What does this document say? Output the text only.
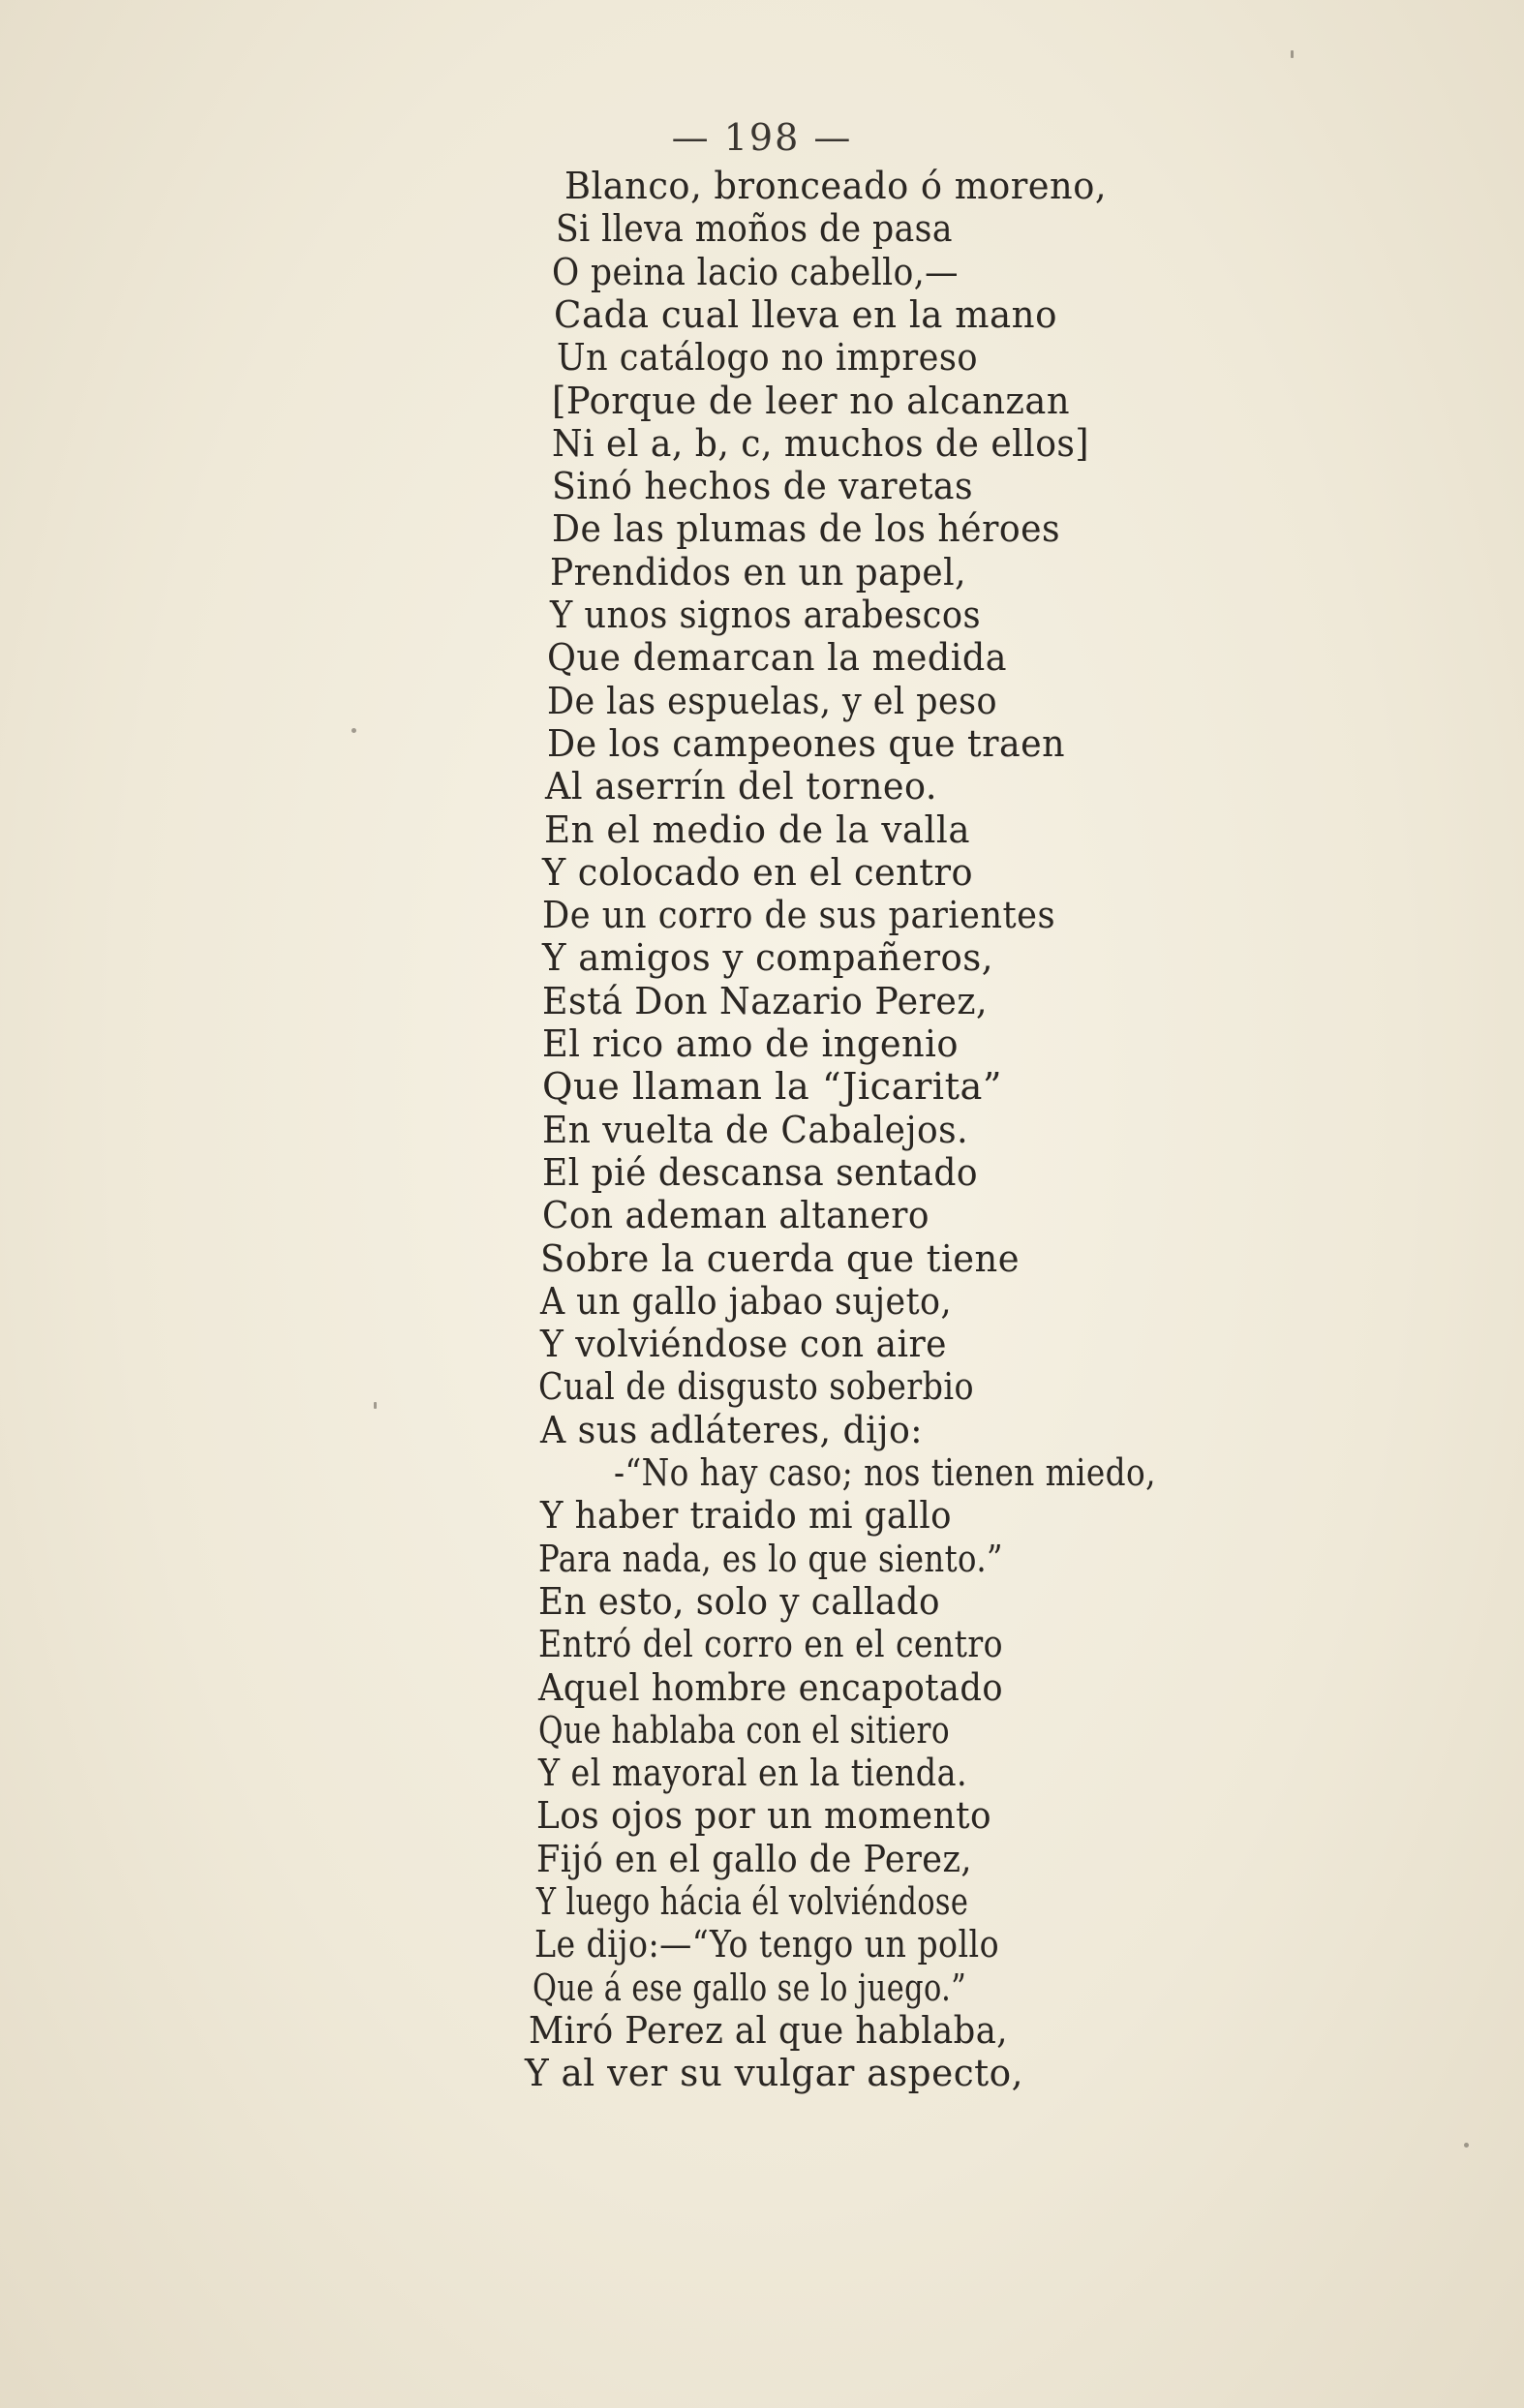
— 198 —
Blanco, bronceado ó moreno,
Si lleva moños de pasa
O peina lacio cabello,—
Cada cual lleva en la mano
Un catálogo no impreso
[Porque de leer no alcanzan
Ni el a, b, c, muchos de ellos]
Sinó hechos de varetas
De las plumas de los héroes
Prendidos en un papel,
Y unos signos arabescos
Que demarcan la medida
De las espuelas, y el peso
De los campeones que traen
Al aserrín del torneo.
En el medio de la valla
Y colocado en el centro
De un corro de sus parientes
Y amigos y compañeros,
Está Don Nazario Perez,
El rico amo de ingenio
Que llaman la “Jicarita”
En vuelta de Cabalejos.
El pié descansa sentado
Con ademan altanero
Sobre la cuerda que tiene
A un gallo jabao sujeto,
Y volviéndose con aire
Cual de disgusto soberbio
A sus adláteres, dijo:
-“No hay caso; nos tienen miedo,
Y haber traido mi gallo
Para nada, es lo que siento.”
En esto, solo y callado
Entró del corro en el centro
Aquel hombre encapotado
Que hablaba con el sitiero
Y el mayoral en la tienda.
Los ojos por un momento
Fijó en el gallo de Perez,
Y luego hácia él volviéndose
Le dijo:—“Yo tengo un pollo
Que á ese gallo se lo juego.”
Miró Perez al que hablaba,
Y al ver su vulgar aspecto,
